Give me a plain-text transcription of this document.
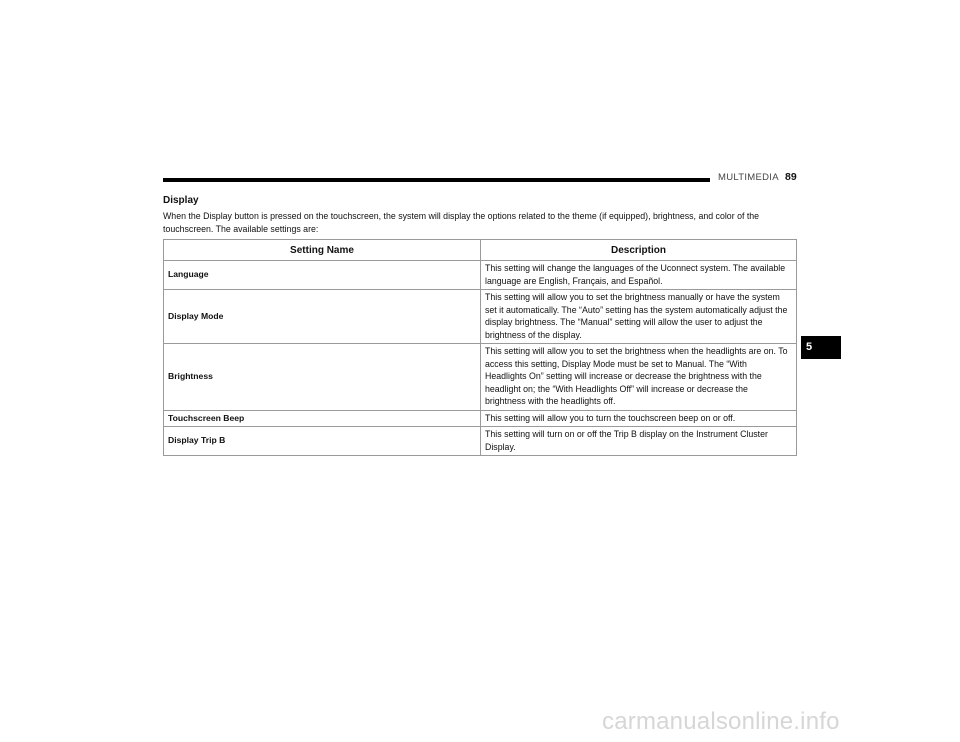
MULTIMEDIA 89
Display
When the Display button is pressed on the touchscreen, the system will display the options related to the theme (if equipped), brightness, and color of the touchscreen. The available settings are:
Setting Name	Description
Language	This setting will change the languages of the Uconnect system. The available language are English, Français, and Español.
Display Mode	This setting will allow you to set the brightness manually or have the system set it automatically. The “Auto” setting has the system automatically adjust the display brightness. The “Manual” setting will allow the user to adjust the brightness of the display.
Brightness	This setting will allow you to set the brightness when the headlights are on. To access this setting, Display Mode must be set to Manual. The “With Headlights On” setting will increase or decrease the brightness with the headlight on; the “With Headlights Off” will increase or decrease the brightness with the headlights off.
Touchscreen Beep	This setting will allow you to turn the touchscreen beep on or off.
Display Trip B	This setting will turn on or off the Trip B display on the Instrument Cluster Display.
5
carmanualsonline.info
